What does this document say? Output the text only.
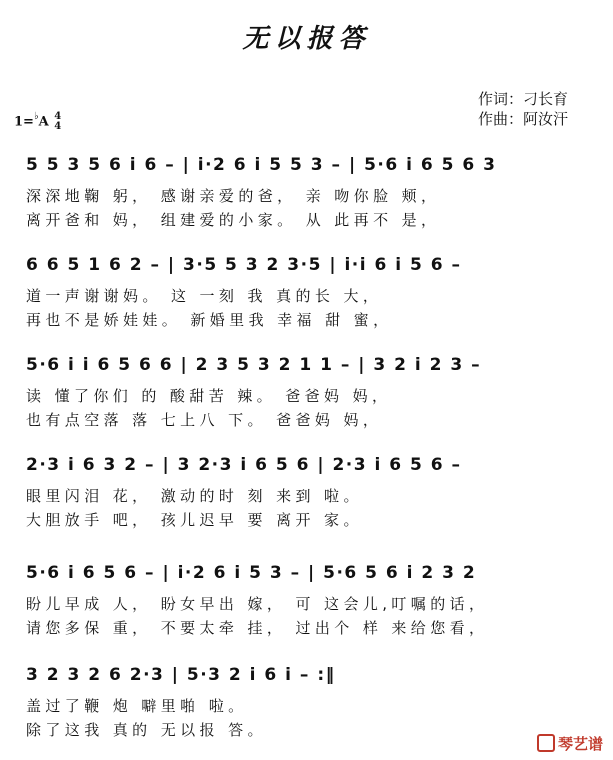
无以报答
作词：刁长育
作曲：阿汝汗
1=♭A 4
4
5 5 3 5 6 i 6 – | i·2 6 i 5 5 3 – | 5·6 i 6 5 6 3
深深地鞠 躬， 感谢亲爱的爸， 亲 吻你脸 颊，
离开爸和 妈， 组建爱的小家。 从 此再不 是，
6 6 5 1 6 2 – | 3·5 5 3 2 3·5 | i·i 6 i 5 6 –
道一声谢谢妈。 这 一刻 我 真的长 大，
再也不是娇娃娃。 新婚里我 幸福 甜 蜜，
5·6 i i 6 5 6 6 | 2 3 5 3 2 1 1 – | 3 2 i 2 3 –
读 懂了你们 的 酸甜苦 辣。 爸爸妈 妈，
也有点空落 落 七上八 下。 爸爸妈 妈，
2·3 i 6 3 2 – | 3 2·3 i 6 5 6 | 2·3 i 6 5 6 –
眼里闪泪 花， 激动的时 刻 来到 啦。
大胆放手 吧， 孩儿迟早 要 离开 家。
5·6 i 6 5 6 – | i·2 6 i 5 3 – | 5·6 5 6 i 2 3 2
盼儿早成 人， 盼女早出 嫁， 可 这会儿,叮嘱的话，
请您多保 重， 不要太牵 挂， 过出个 样 来给您看，
3 2 3 2 6 2·3 | 5·3 2 i 6 i – :‖
盖过了鞭 炮 噼里啪 啦。
除了这我 真的 无以报 答。
琴艺谱
